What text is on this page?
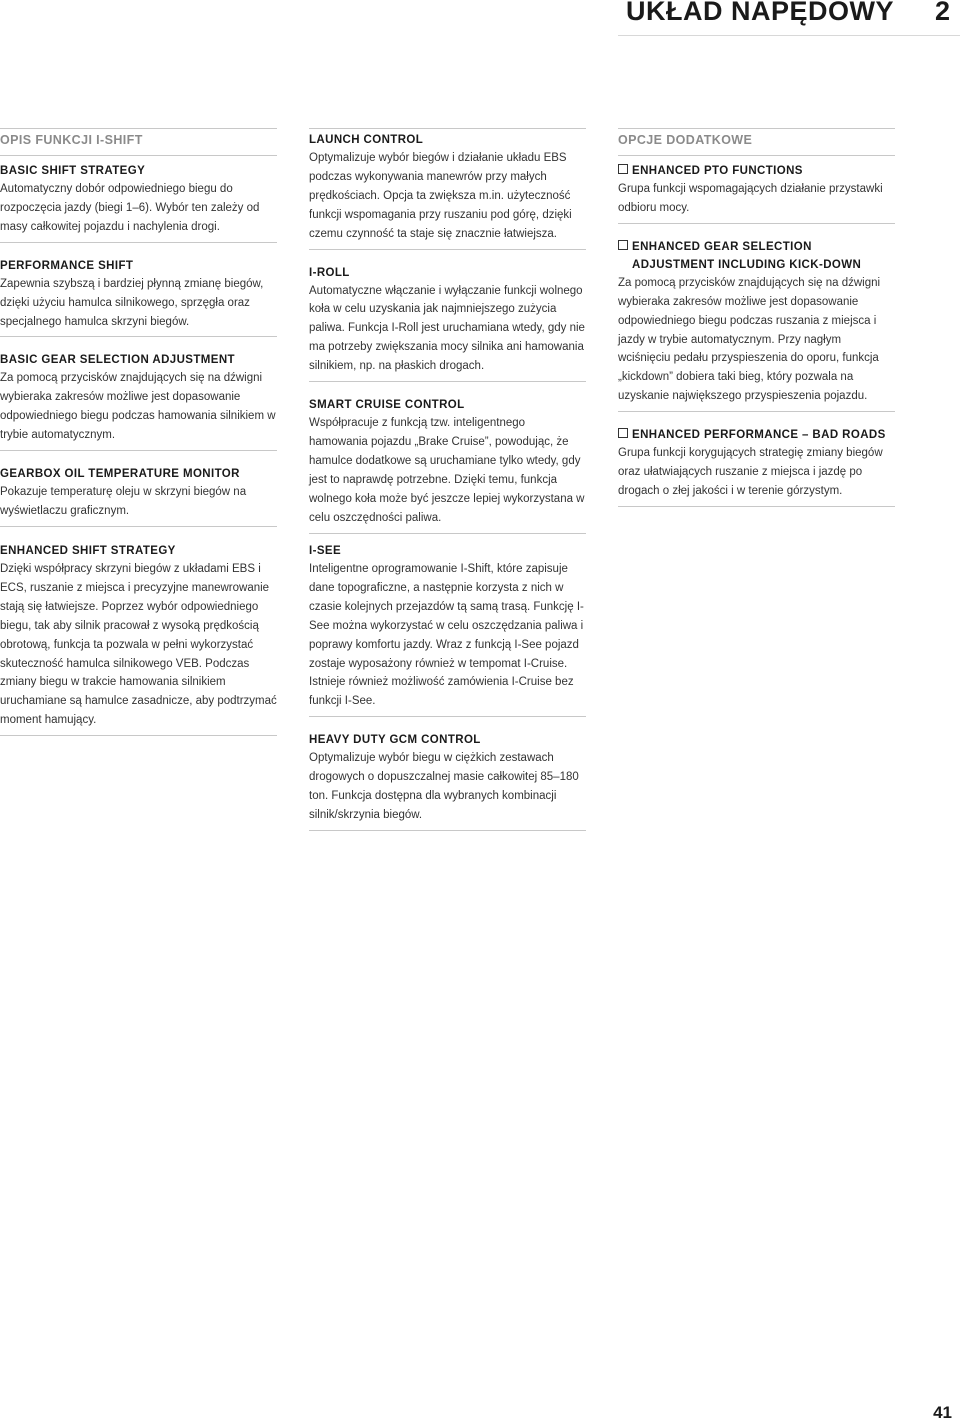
UKŁAD NAPĘDOWY 2
OPIS FUNKCJI I-SHIFT
BASIC SHIFT STRATEGY
Automatyczny dobór odpowiedniego biegu do rozpoczęcia jazdy (biegi 1–6). Wybór ten zależy od masy całkowitej pojazdu i nachylenia drogi.
PERFORMANCE SHIFT
Zapewnia szybszą i bardziej płynną zmianę biegów, dzięki użyciu hamulca silnikowego, sprzęgła oraz specjalnego hamulca skrzyni biegów.
BASIC GEAR SELECTION ADJUSTMENT
Za pomocą przycisków znajdujących się na dźwigni wybieraka zakresów możliwe jest dopasowanie odpowiedniego biegu podczas hamowania silnikiem w trybie automatycznym.
GEARBOX OIL TEMPERATURE MONITOR
Pokazuje temperaturę oleju w skrzyni biegów na wyświetlaczu graficznym.
LAUNCH CONTROL
Optymalizuje wybór biegów i działanie układu EBS podczas wykonywania manewrów przy małych prędkościach. Opcja ta zwiększa m.in. użyteczność funkcji wspomagania przy ruszaniu pod górę, dzięki czemu czynność ta staje się znacznie łatwiejsza.
I-ROLL
Automatyczne włączanie i wyłączanie funkcji wolnego koła w celu uzyskania jak najmniejszego zużycia paliwa. Funkcja I-Roll jest uruchamiana wtedy, gdy nie ma potrzeby zwiększania mocy silnika ani hamowania silnikiem, np. na płaskich drogach.
SMART CRUISE CONTROL
Współpracuje z funkcją tzw. inteligentnego hamowania pojazdu „Brake Cruise”, powodując, że hamulce dodatkowe są uruchamiane tylko wtedy, gdy jest to naprawdę potrzebne. Dzięki temu, funkcja wolnego koła może być jeszcze lepiej wykorzystana w celu oszczędności paliwa.
OPCJE DODATKOWE
ENHANCED PTO FUNCTIONS
Grupa funkcji wspomagających działanie przystawki odbioru mocy.
ENHANCED GEAR SELECTION ADJUSTMENT INCLUDING KICK-DOWN
Za pomocą przycisków znajdujących się na dźwigni wybieraka zakresów możliwe jest dopasowanie odpowiedniego biegu podczas ruszania z miejsca i jazdy w trybie automatycznym. Przy nagłym wciśnięciu pedału przyspieszenia do oporu, funkcja „kickdown” dobiera taki bieg, który pozwala na uzyskanie największego przyspieszenia pojazdu.
ENHANCED PERFORMANCE – BAD ROADS
Grupa funkcji korygujących strategię zmiany biegów oraz ułatwiających ruszanie z miejsca i jazdę po drogach o złej jakości i w terenie górzystym.
ENHANCED SHIFT STRATEGY
Dzięki współpracy skrzyni biegów z układami EBS i ECS, ruszanie z miejsca i precyzyjne manewrowanie stają się łatwiejsze. Poprzez wybór odpowiedniego biegu, tak aby silnik pracował z wysoką prędkością obrotową, funkcja ta pozwala w pełni wykorzystać skuteczność hamulca silnikowego VEB. Podczas zmiany biegu w trakcie hamowania silnikiem uruchamiane są hamulce zasadnicze, aby podtrzymać moment hamujący.
I-SEE
Inteligentne oprogramowanie I-Shift, które zapisuje dane topograficzne, a następnie korzysta z nich w czasie kolejnych przejazdów tą samą trasą. Funkcję I-See można wykorzystać w celu oszczędzania paliwa i poprawy komfortu jazdy. Wraz z funkcją I-See pojazd zostaje wyposażony również w tempomat I-Cruise. Istnieje również możliwość zamówienia I-Cruise bez funkcji I-See.
HEAVY DUTY GCM CONTROL
Optymalizuje wybór biegu w ciężkich zestawach drogowych o dopuszczalnej masie całkowitej 85–180 ton. Funkcja dostępna dla wybranych kombinacji silnik/skrzynia biegów.
41
